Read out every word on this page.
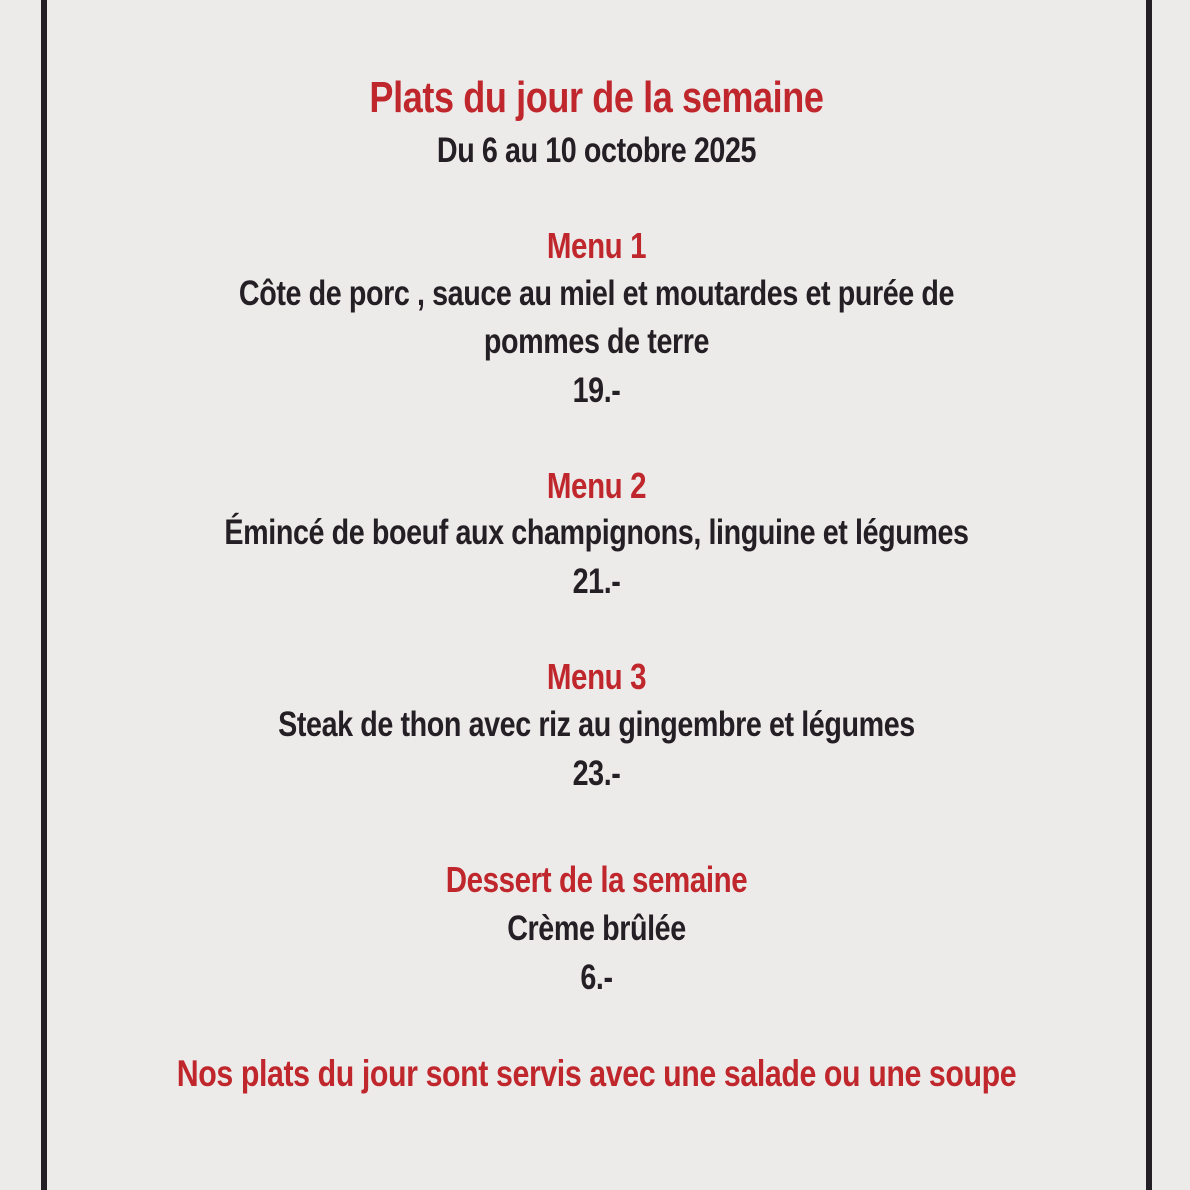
Plats du jour de la semaine
Du 6 au 10 octobre 2025
Menu 1
Côte de porc , sauce au miel et moutardes et purée de
pommes de terre
19.-
Menu 2
Émincé de boeuf aux champignons, linguine et légumes
21.-
Menu 3
Steak de thon avec riz au gingembre et légumes
23.-
Dessert de la semaine
Crème brûlée
6.-
Nos plats du jour sont servis avec une salade ou une soupe
